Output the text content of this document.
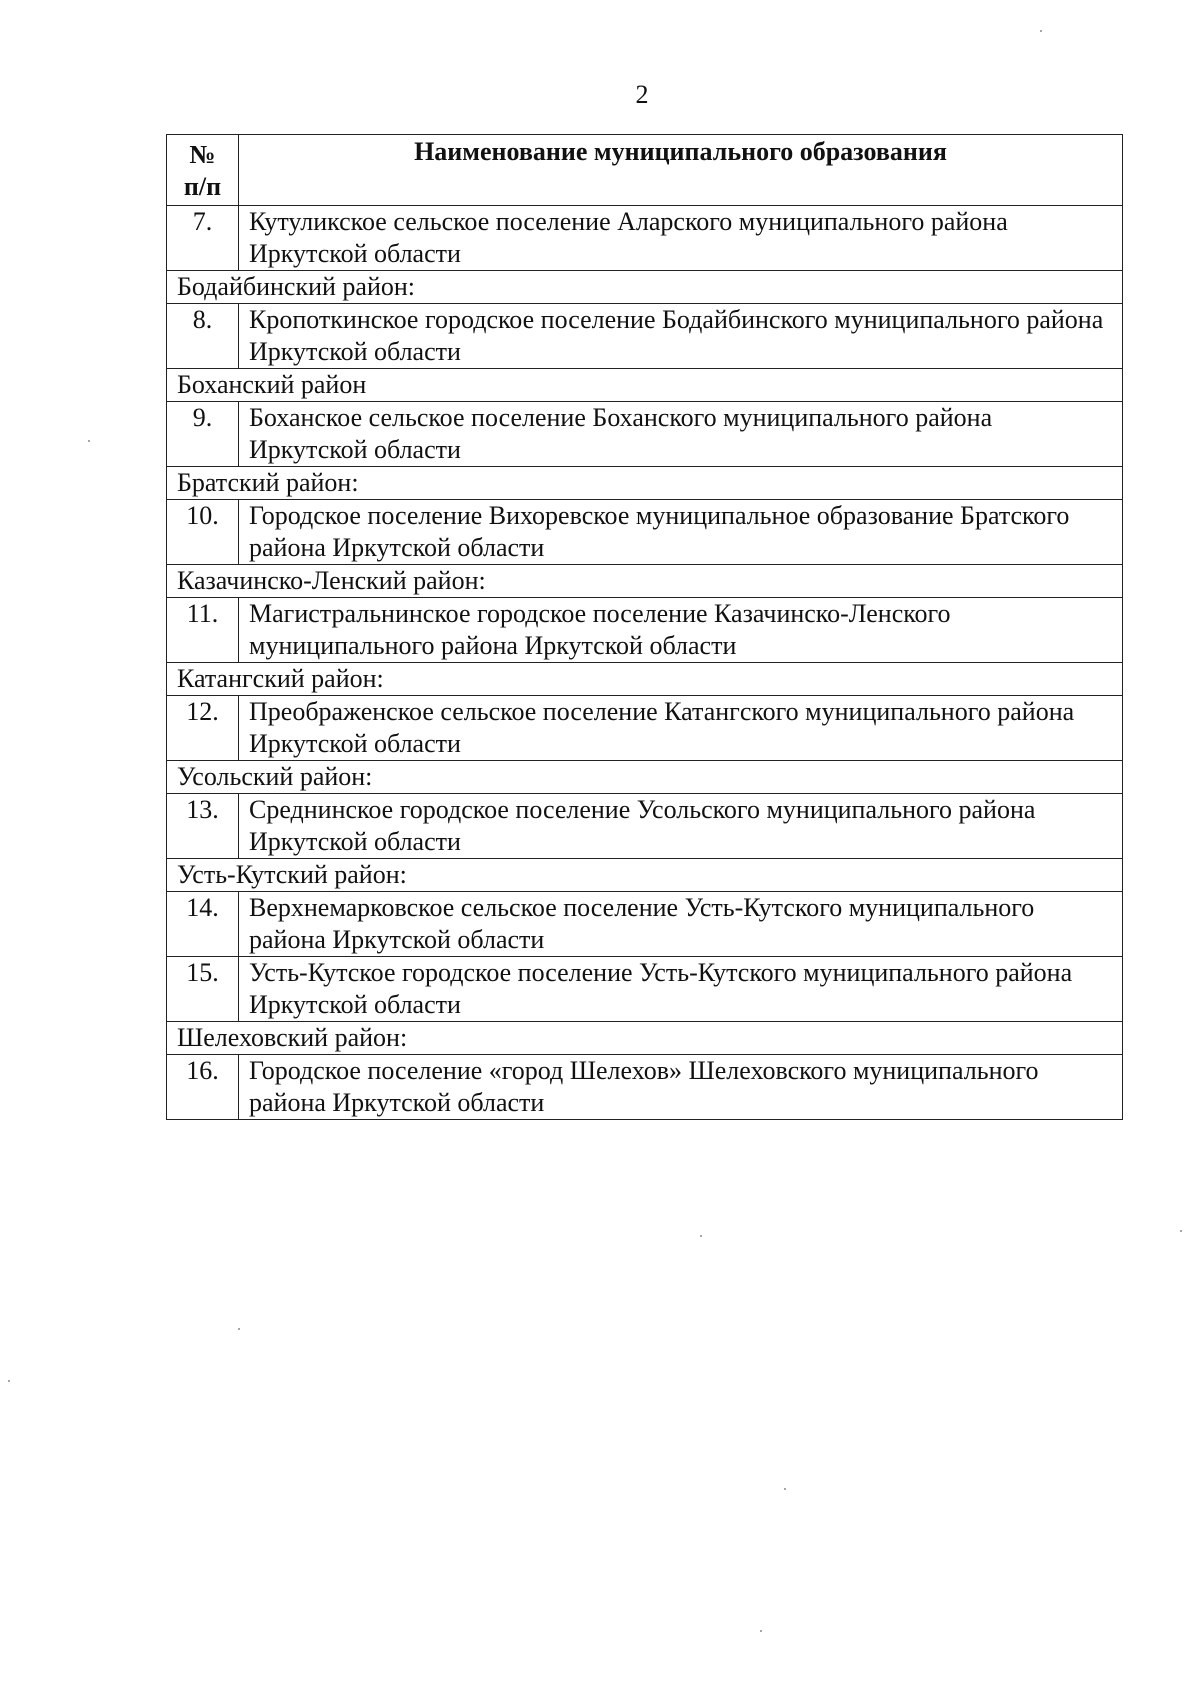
2
№
п/п	Наименование муниципального образования
7.	Кутуликское сельское поселение Аларского муниципального района Иркутской области
Бодайбинский район:	
8.	Кропоткинское городское поселение Бодайбинского муниципального района Иркутской области
Боханский район	
9.	Боханское сельское поселение Боханского муниципального района Иркутской области
Братский район:	
10.	Городское поселение Вихоревское муниципальное образование Братского района Иркутской области
Казачинско-Ленский район:	
11.	Магистральнинское городское поселение Казачинско-Ленского муниципального района Иркутской области
Катангский район:	
12.	Преображенское сельское поселение Катангского муниципального района Иркутской области
Усольский район:	
13.	Среднинское городское поселение Усольского муниципального района Иркутской области
Усть-Кутский район:	
14.	Верхнемарковское сельское поселение Усть-Кутского муниципального района Иркутской области
15.	Усть-Кутское городское поселение Усть-Кутского муниципального района Иркутской области
Шелеховский район:	
16.	Городское поселение «город Шелехов» Шелеховского муниципального района Иркутской области
